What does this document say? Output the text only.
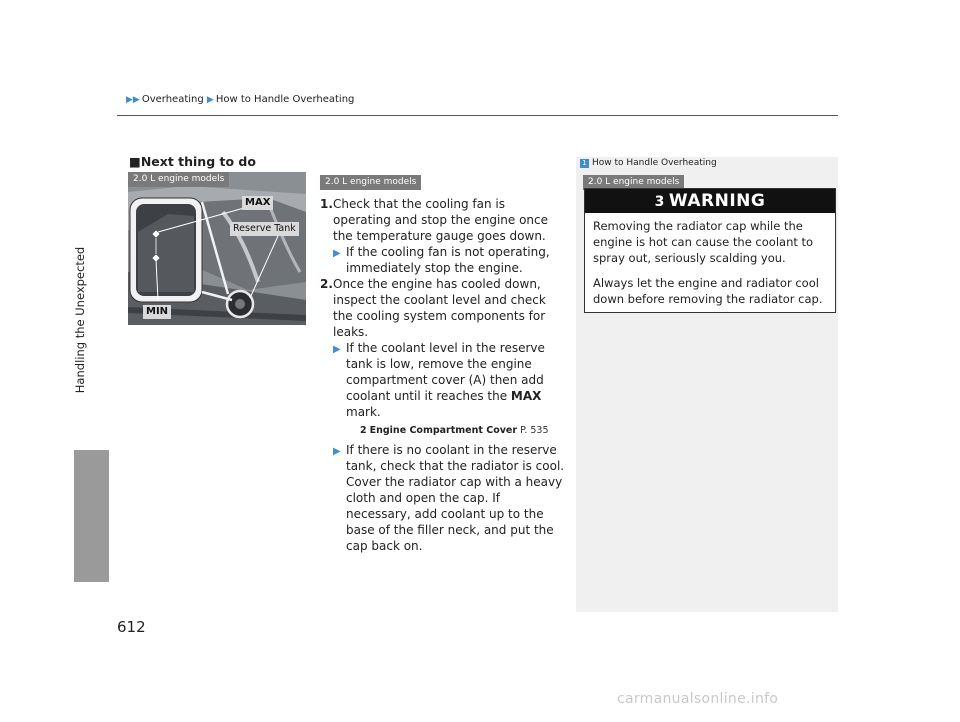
▶▶ Overheating ▶ How to Handle Overheating
Handling the Unexpected
■Next thing to do
2.0 L engine models
MAX
Reserve Tank
MIN
2.0 L engine models

1. Check that the cooling fan is operating and stop the engine once the temperature gauge goes down.

▶ If the cooling fan is not operating, immediately stop the engine.

2. Once the engine has cooled down, inspect the coolant level and check the cooling system components for leaks.

▶ If the coolant level in the reserve tank is low, remove the engine compartment cover (A) then add coolant until it reaches the MAX mark.

2 Engine Compartment Cover P. 535

▶ If there is no coolant in the reserve tank, check that the radiator is cool. Cover the radiator cap with a heavy cloth and open the cap. If necessary, add coolant up to the base of the filler neck, and put the cap back on.

1 How to Handle Overheating
2.0 L engine models
3 WARNING
Removing the radiator cap while the engine is hot can cause the coolant to spray out, seriously scalding you.
Always let the engine and radiator cool down before removing the radiator cap.
612
carmanualsonline.info
